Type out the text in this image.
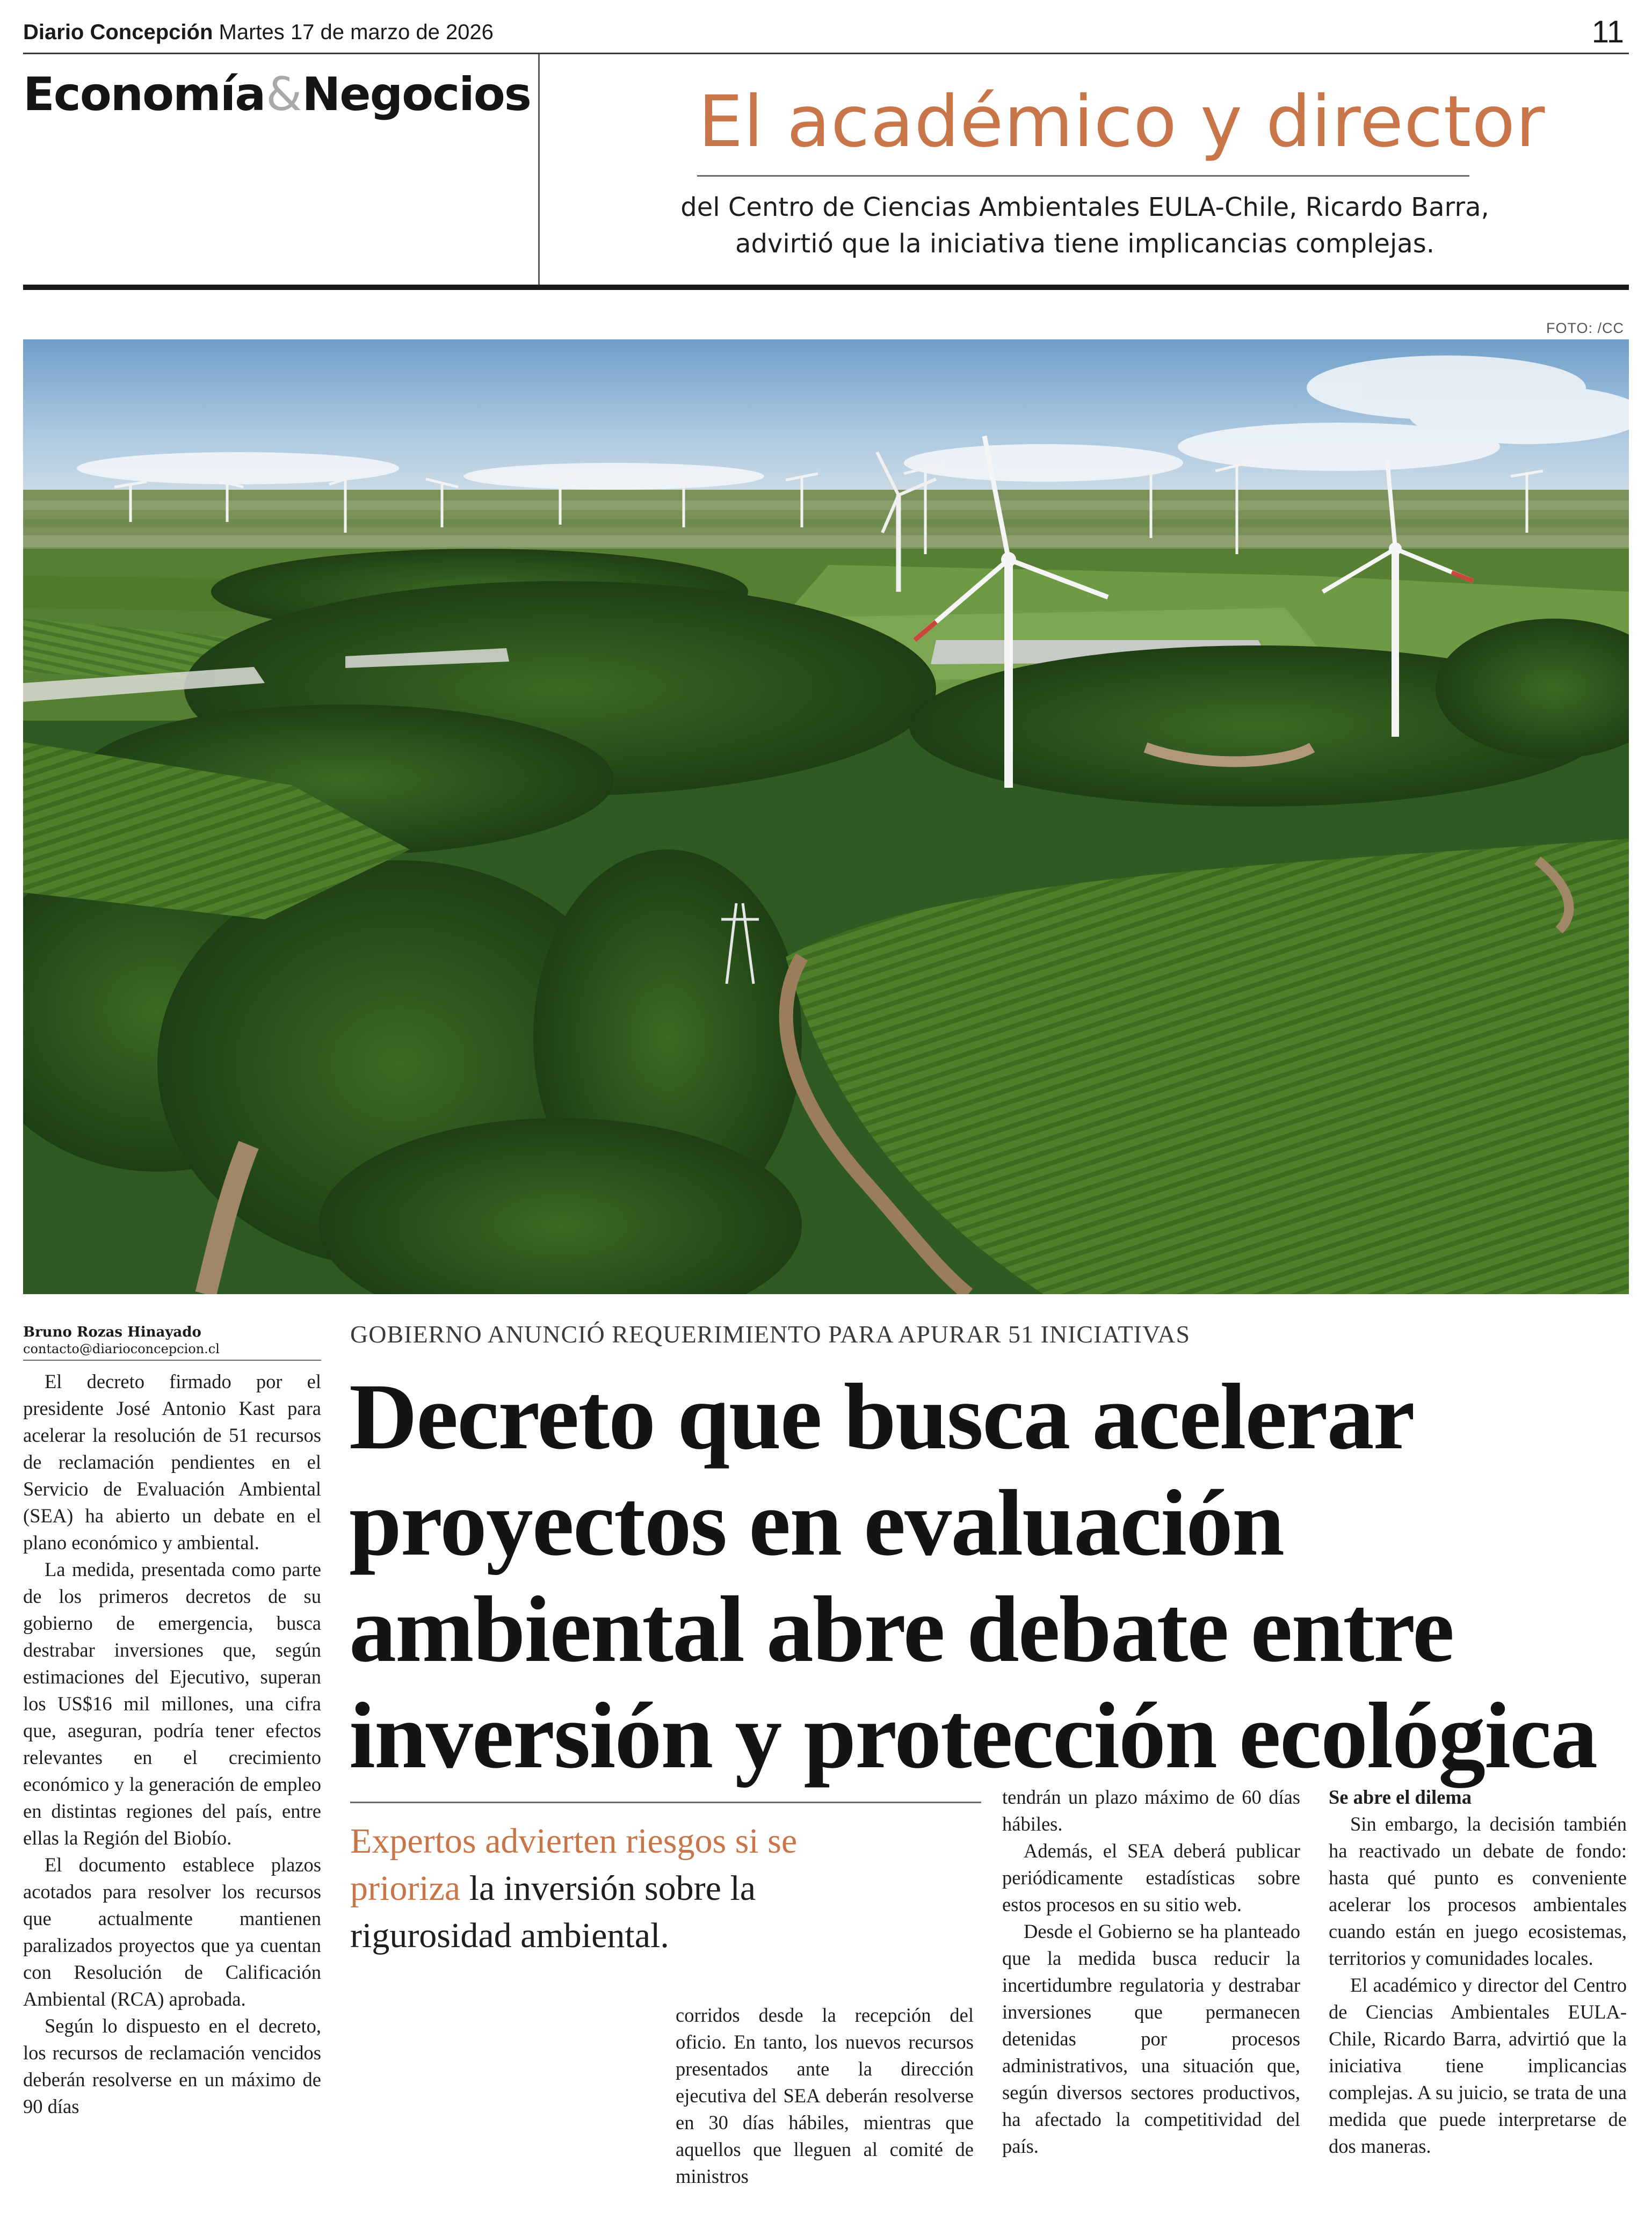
Diario Concepción Martes 17 de marzo de 2026	11
Economía&Negocios El académico y director
del Centro de Ciencias Ambientales EULA-Chile, Ricardo Barra, advirtió que la iniciativa tiene implicancias complejas.
FOTO: /CC
Bruno Rozas Hinayado
contacto@diarioconcepcion.cl
GOBIERNO ANUNCIÓ REQUERIMIENTO PARA APURAR 51 INICIATIVAS
Decreto que busca acelerar proyectos en evaluación ambiental abre debate entre inversión y protección ecológica
Expertos advierten riesgos si se prioriza la inversión sobre la rigurosidad ambiental.

El decreto firmado por el presidente José Antonio Kast para acelerar la resolución de 51 recursos de reclamación pendientes en el Servicio de Evaluación Ambiental (SEA) ha abierto un debate en el plano económico y ambiental.

La medida, presentada como parte de los primeros decretos de su gobierno de emergencia, busca destrabar inversiones que, según estimaciones del Ejecutivo, superan los US$16 mil millones, una cifra que, aseguran, podría tener efectos relevantes en el crecimiento económico y la generación de empleo en distintas regiones del país, entre ellas la Región del Biobío.

El documento establece plazos acotados para resolver los recursos que actualmente mantienen paralizados proyectos que ya cuentan con Resolución de Calificación Ambiental (RCA) aprobada.

Según lo dispuesto en el decreto, los recursos de reclamación vencidos deberán resolverse en un máximo de 90 días

corridos desde la recepción del oficio. En tanto, los nuevos recursos presentados ante la dirección ejecutiva del SEA deberán resolverse en 30 días hábiles, mientras que aquellos que lleguen al comité de ministros

tendrán un plazo máximo de 60 días hábiles.

Además, el SEA deberá publicar periódicamente estadísticas sobre estos procesos en su sitio web.

Desde el Gobierno se ha planteado que la medida busca reducir la incertidumbre regulatoria y destrabar inversiones que permanecen detenidas por procesos administrativos, una situación que, según diversos sectores productivos, ha afectado la competitividad del país.

Se abre el dilema

Sin embargo, la decisión también ha reactivado un debate de fondo: hasta qué punto es conveniente acelerar los procesos ambientales cuando están en juego ecosistemas, territorios y comunidades locales.

El académico y director del Centro de Ciencias Ambientales EULA-Chile, Ricardo Barra, advirtió que la iniciativa tiene implicancias complejas. A su juicio, se trata de una medida que puede interpretarse de dos maneras.
